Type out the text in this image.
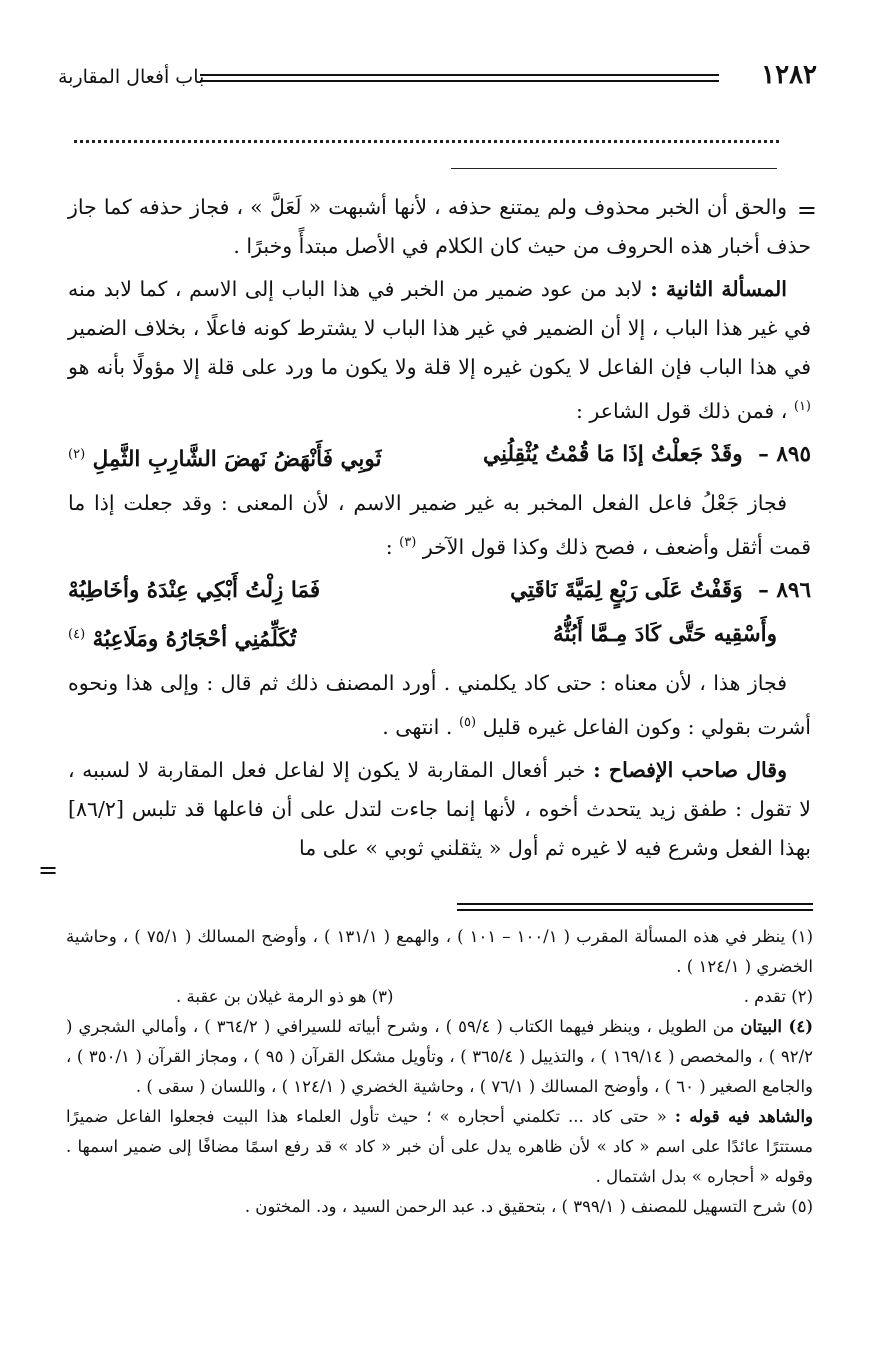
١٢٨٢
باب أفعال المقاربة
=
=

والحق أن الخبر محذوف ولم يمتنع حذفه ، لأنها أشبهت « لَعَلَّ » ، فجاز حذفه كما جاز حذف أخبار هذه الحروف من حيث كان الكلام في الأصل مبتدأً وخبرًا .

المسألة الثانية : لابد من عود ضمير من الخبر في هذا الباب إلى الاسم ، كما لابد منه في غير هذا الباب ، إلا أن الضمير في غير هذا الباب لا يشترط كونه فاعلًا ، بخلاف الضمير في هذا الباب فإن الفاعل لا يكون غيره إلا قلة ولا يكون ما ورد على قلة إلا مؤولًا بأنه هو $^{(١)}$ ، فمن ذلك قول الشاعر :

٨٩٥ – وقَدْ جَعلْتُ إذَا مَا قُمْتُ يُثْقِلُنِي
ثَوبِي فَأَنْهَضُ نَهضَ الشَّارِبِ الثَّمِلِ $^{(٢)}$

فجاز جَعْلُ فاعل الفعل المخبر به غير ضمير الاسم ، لأن المعنى : وقد جعلت إذا ما قمت أثقل وأضعف ، فصح ذلك وكذا قول الآخر $^{(٣)}$ :

٨٩٦ – وَقَفْتُ عَلَى رَبْعٍ لِمَيَّةَ نَاقَتِي
فَمَا زِلْتُ أَبْكِي عِنْدَهُ وأخَاطِبُهْ
وأَسْقِيه حَتَّى كَادَ مِـمَّا أَبُثُّهُ
تُكَلِّمُنِي أحْجَارُهُ ومَلَاعِبُهْ $^{(٤)}$

فجاز هذا ، لأن معناه : حتى كاد يكلمني . أورد المصنف ذلك ثم قال : وإلى هذا ونحوه أشرت بقولي : وكون الفاعل غيره قليل $^{(٥)}$ . انتهى .

وقال صاحب الإفصاح : خبر أفعال المقاربة لا يكون إلا لفاعل فعل المقاربة لا لسببه ، لا تقول : طفق زيد يتحدث أخوه ، لأنها إنما جاءت لتدل على أن فاعلها قد تلبس [٨٦/٢] بهذا الفعل وشرع فيه لا غيره ثم أول « يثقلني ثوبي » على ما

(١) ينظر في هذه المسألة المقرب ( ١٠٠/١ – ١٠١ ) ، والهمع ( ١٣١/١ ) ، وأوضح المسالك ( ٧٥/١ ) ، وحاشية الخضري ( ١٢٤/١ ) .

(٢) تقدم .
(٣) هو ذو الرمة غيلان بن عقبة .

(٤) البيتان من الطويل ، وينظر فيهما الكتاب ( ٥٩/٤ ) ، وشرح أبياته للسيرافي ( ٣٦٤/٢ ) ، وأمالي الشجري ( ٩٢/٢ ) ، والمخصص ( ١٦٩/١٤ ) ، والتذييل ( ٣٦٥/٤ ) ، وتأويل مشكل القرآن ( ٩٥ ) ، ومجاز القرآن ( ٣٥٠/١ ) ، والجامع الصغير ( ٦٠ ) ، وأوضح المسالك ( ٧٦/١ ) ، وحاشية الخضري ( ١٢٤/١ ) ، واللسان ( سقى ) .

والشاهد فيه قوله : « حتى كاد ... تكلمني أحجاره » ؛ حيث تأول العلماء هذا البيت فجعلوا الفاعل ضميرًا مستترًا عائدًا على اسم « كاد » لأن ظاهره يدل على أن خبر « كاد » قد رفع اسمًا مضافًا إلى ضمير اسمها . وقوله « أحجاره » بدل اشتمال .

(٥) شرح التسهيل للمصنف ( ٣٩٩/١ ) ، بتحقيق د. عبد الرحمن السيد ، ود. المختون .
